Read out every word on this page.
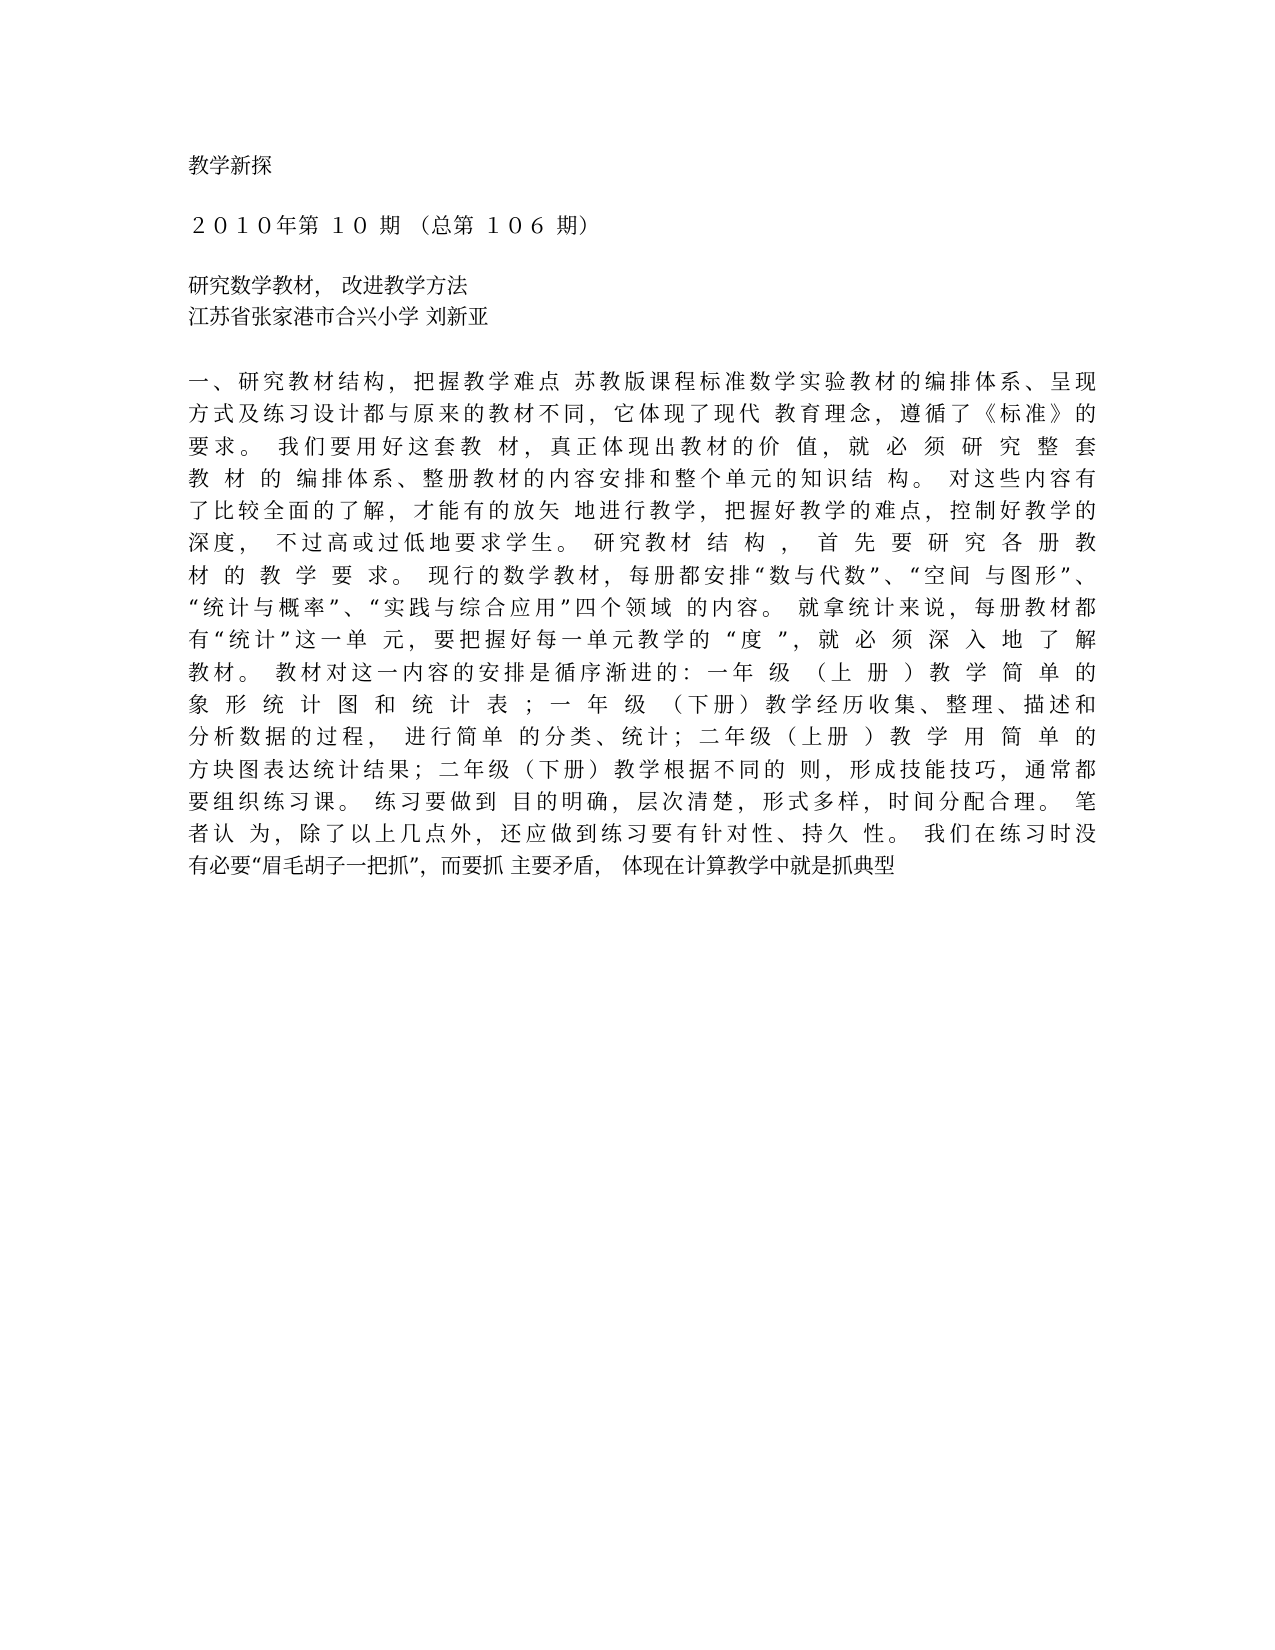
教学新探
２０１０年第 １０ 期 （总第 １０６ 期）
研究数学教材， 改进教学方法
江苏省张家港市合兴小学 刘新亚
一、研究教材结构，把握教学难点 苏教版课程标准数学实验教材的编排体系、呈现
方式及练习设计都与原来的教材不同，它体现了现代 教育理念，遵循了《标准》的
要求。 我们要用好这套教 材，真正体现出教材的价 值，就 必 须 研 究 整 套
教 材 的 编排体系、整册教材的内容安排和整个单元的知识结 构。 对这些内容有
了比较全面的了解，才能有的放矢 地进行教学，把握好教学的难点，控制好教学的
深度， 不过高或过低地要求学生。 研究教材 结 构 ， 首 先 要 研 究 各 册 教
材 的 教 学 要 求。 现行的数学教材，每册都安排“数与代数”、“空间 与图形”、
“统计与概率”、“实践与综合应用”四个领域 的内容。 就拿统计来说，每册教材都
有“统计”这一单 元，要把握好每一单元教学的 “度 ”，就 必 须 深 入 地 了 解
教材。 教材对这一内容的安排是循序渐进的：一年 级 （上 册 ）教 学 简 单 的
象 形 统 计 图 和 统 计 表 ；一 年 级 （下册）教学经历收集、整理、描述和
分析数据的过程， 进行简单 的分类、统计；二年级（上册 ）教 学 用 简 单 的
方块图表达统计结果；二年级（下册）教学根据不同的 则，形成技能技巧，通常都
要组织练习课。 练习要做到 目的明确，层次清楚，形式多样，时间分配合理。 笔
者认 为，除了以上几点外，还应做到练习要有针对性、持久 性。 我们在练习时没
有必要“眉毛胡子一把抓”，而要抓 主要矛盾， 体现在计算教学中就是抓典型
